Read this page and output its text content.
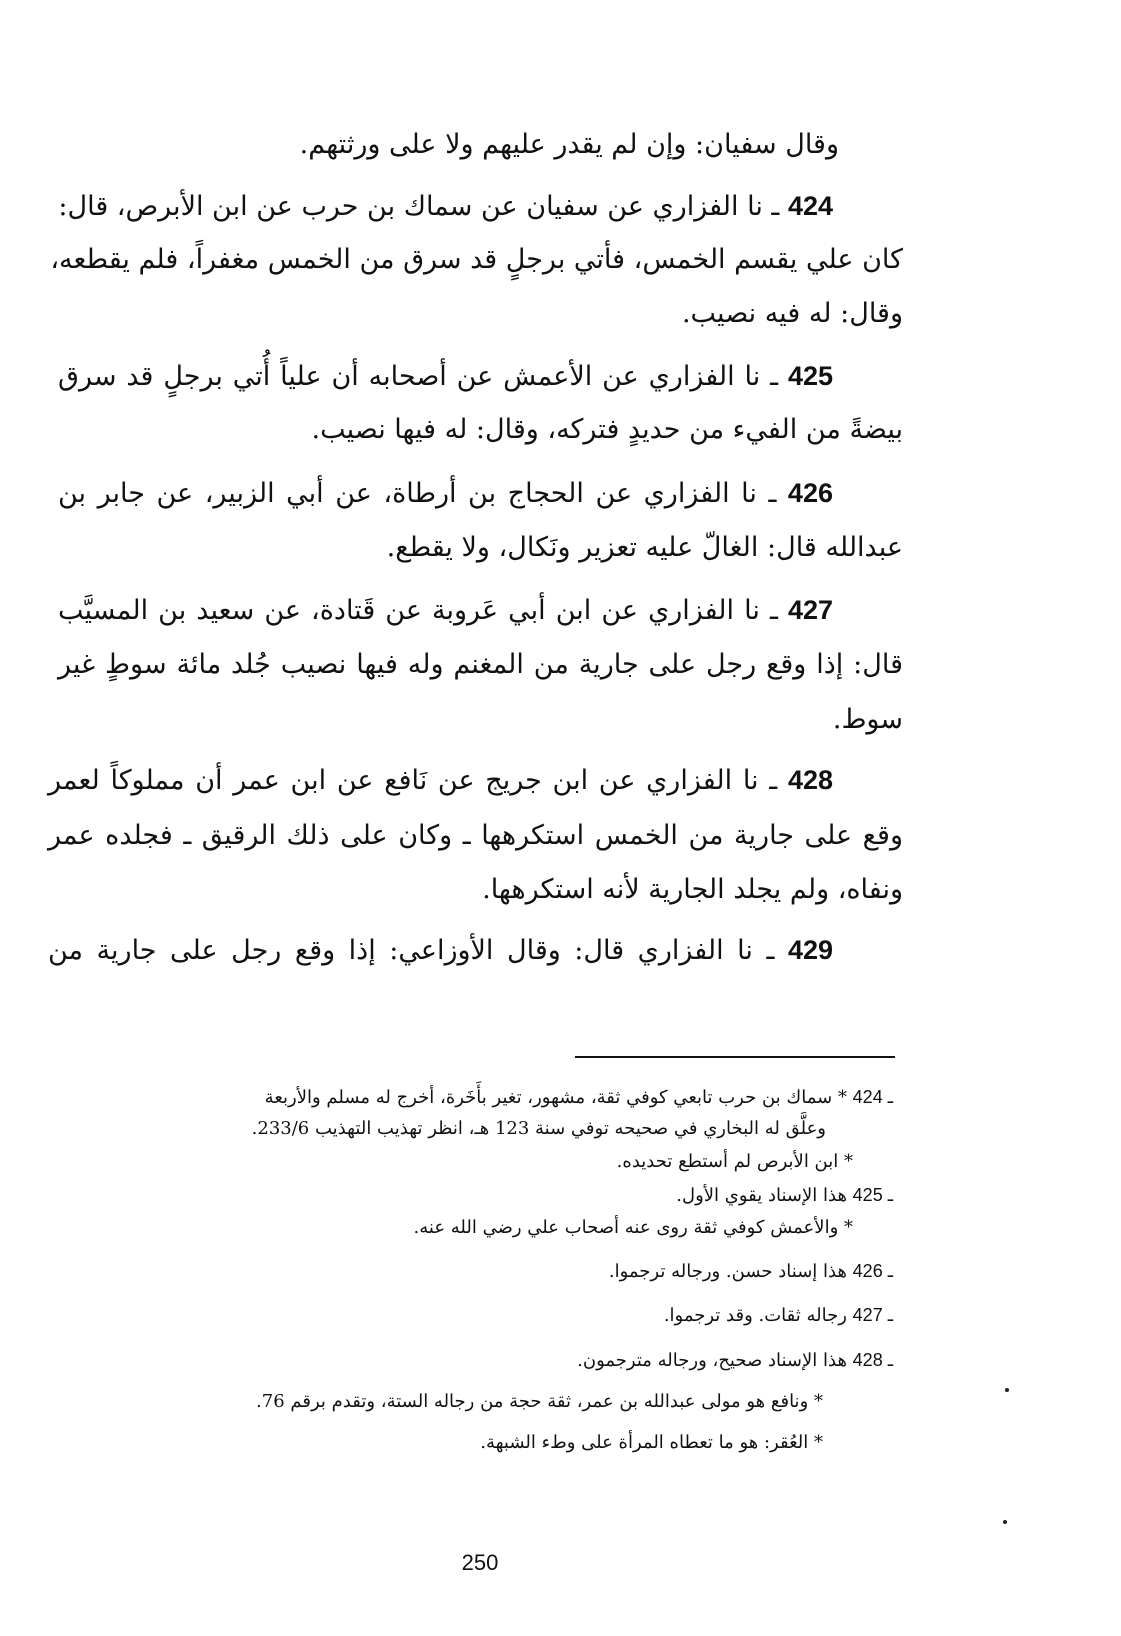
وقال سفيان: وإن لم يقدر عليهم ولا على ورثتهم.

424 ـ نا الفزاري عن سفيان عن سماك بن حرب عن ابن الأبرص، قال:

كان علي يقسم الخمس، فأتي برجلٍ قد سرق من الخمس مغفراً، فلم يقطعه،

وقال: له فيه نصيب.

425 ـ نا الفزاري عن الأعمش عن أصحابه أن علياً أُتي برجلٍ قد سرق

بيضةً من الفيء من حديدٍ فتركه، وقال: له فيها نصيب.

426 ـ نا الفزاري عن الحجاج بن أرطاة، عن أبي الزبير، عن جابر بن

عبدالله قال: الغالّ عليه تعزير ونَكال، ولا يقطع.

427 ـ نا الفزاري عن ابن أبي عَروبة عن قَتادة، عن سعيد بن المسيَّب

قال: إذا وقع رجل على جارية من المغنم وله فيها نصيب جُلد مائة سوطٍ غير

سوط.

428 ـ نا الفزاري عن ابن جريج عن نَافع عن ابن عمر أن مملوكاً لعمر

وقع على جارية من الخمس استكرهها ـ وكان على ذلك الرقيق ـ فجلده عمر

ونفاه، ولم يجلد الجارية لأنه استكرهها.

429 ـ نا الفزاري قال: وقال الأوزاعي: إذا وقع رجل على جارية من

424 ـ * سماك بن حرب تابعي كوفي ثقة، مشهور، تغير بأَخَرة، أخرج له مسلم والأربعة

وعلَّق له البخاري في صحيحه توفي سنة 123 هـ، انظر تهذيب التهذيب 233/6.

* ابن الأبرص لم أستطع تحديده.

425 ـ هذا الإسناد يقوي الأول.

* والأعمش كوفي ثقة روى عنه أصحاب علي رضي الله عنه.

426 ـ هذا إسناد حسن. ورجاله ترجموا.

427 ـ رجاله ثقات. وقد ترجموا.

428 ـ هذا الإسناد صحيح، ورجاله مترجمون.

* ونافع هو مولى عبدالله بن عمر، ثقة حجة من رجاله الستة، وتقدم برقم 76.

* العُقر: هو ما تعطاه المرأة على وطء الشبهة.

250
